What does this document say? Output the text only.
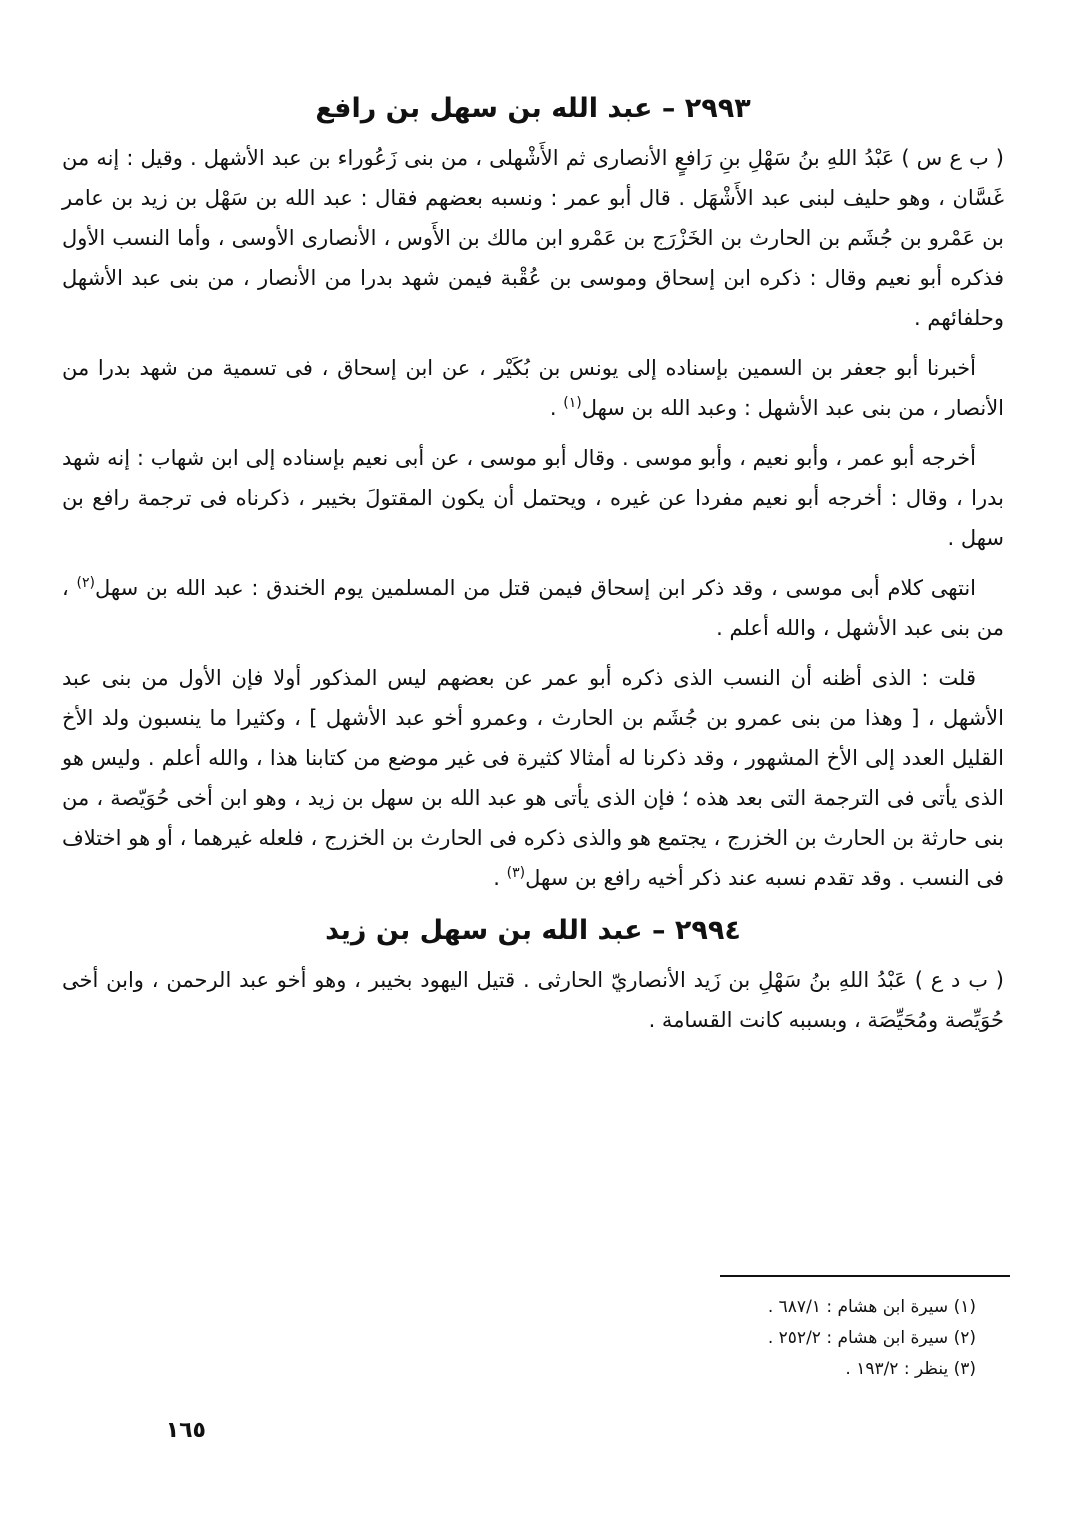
٢٩٩٣ – عبد الله بن سهل بن رافع

( ب ع س ) عَبْدُ اللهِ بنُ سَهْلِ بنِ رَافعٍ الأنصارى ثم الأَشْهلى ، من بنى زَعُوراء بن عبد الأشهل . وقيل : إنه من غَسَّان ، وهو حليف لبنى عبد الأَشْهَل . قال أبو عمر : ونسبه بعضهم فقال : عبد الله بن سَهْل بن زيد بن عامر بن عَمْرو بن جُشَم بن الحارث بن الخَزْرَج بن عَمْرو ابن مالك بن الأَوس ، الأنصارى الأوسى ، وأما النسب الأول فذكره أبو نعيم وقال : ذكره ابن إسحاق وموسى بن عُقْبة فيمن شهد بدرا من الأنصار ، من بنى عبد الأشهل وحلفائهم .

أخبرنا أبو جعفر بن السمين بإسناده إلى يونس بن بُكَيْر ، عن ابن إسحاق ، فى تسمية من شهد بدرا من الأنصار ، من بنى عبد الأشهل : وعبد الله بن سهل$^{(١)}$ .

أخرجه أبو عمر ، وأبو نعيم ، وأبو موسى . وقال أبو موسى ، عن أبى نعيم بإسناده إلى ابن شهاب : إنه شهد بدرا ، وقال : أخرجه أبو نعيم مفردا عن غيره ، ويحتمل أن يكون المقتولَ بخيبر ، ذكرناه فى ترجمة رافع بن سهل .

انتهى كلام أبى موسى ، وقد ذكر ابن إسحاق فيمن قتل من المسلمين يوم الخندق : عبد الله بن سهل$^{(٢)}$ ، من بنى عبد الأشهل ، والله أعلم .

قلت : الذى أظنه أن النسب الذى ذكره أبو عمر عن بعضهم ليس المذكور أولا فإن الأول من بنى عبد الأشهل ، [ وهذا من بنى عمرو بن جُشَم بن الحارث ، وعمرو أخو عبد الأشهل ] ، وكثيرا ما ينسبون ولد الأخ القليل العدد إلى الأخ المشهور ، وقد ذكرنا له أمثالا كثيرة فى غير موضع من كتابنا هذا ، والله أعلم . وليس هو الذى يأتى فى الترجمة التى بعد هذه ؛ فإن الذى يأتى هو عبد الله بن سهل بن زيد ، وهو ابن أخى حُوَيّصة ، من بنى حارثة بن الحارث بن الخزرج ، يجتمع هو والذى ذكره فى الحارث بن الخزرج ، فلعله غيرهما ، أو هو اختلاف فى النسب . وقد تقدم نسبه عند ذكر أخيه رافع بن سهل$^{(٣)}$ .

٢٩٩٤ – عبد الله بن سهل بن زيد

( ب د ع ) عَبْدُ اللهِ بنُ سَهْلِ بن زَيد الأنصاريّ الحارثى . قتيل اليهود بخيبر ، وهو أخو عبد الرحمن ، وابن أخى حُوَيِّصة ومُحَيِّصَة ، وبسببه كانت القسامة .

(١) سيرة ابن هشام : ٦٨٧/١ .

(٢) سيرة ابن هشام : ٢٥٢/٢ .

(٣) ينظر : ١٩٣/٢ .

١٦٥
